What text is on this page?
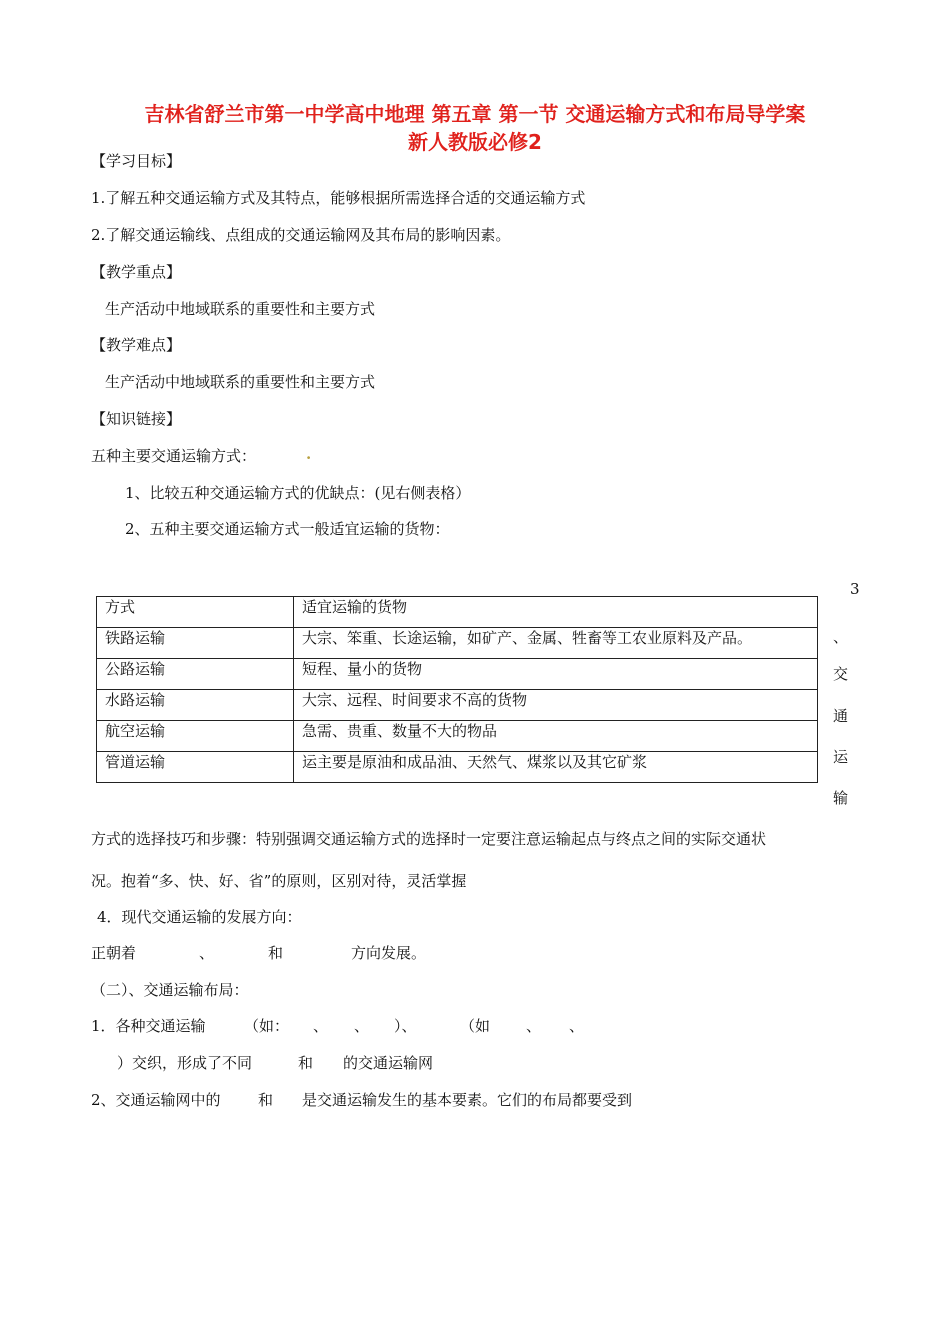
吉林省舒兰市第一中学高中地理 第五章 第一节 交通运输方式和布局导学案
新人教版必修2
【学习目标】
1.了解五种交通运输方式及其特点，能够根据所需选择合适的交通运输方式
2.了解交通运输线、点组成的交通运输网及其布局的影响因素。
【教学重点】
生产活动中地域联系的重要性和主要方式
【教学难点】
生产活动中地域联系的重要性和主要方式
【知识链接】
五种主要交通运输方式：	.
1、比较五种交通运输方式的优缺点：(见右侧表格）
2、五种主要交通运输方式一般适宜运输的货物：
方式	适宜运输的货物
铁路运输	大宗、笨重、长途运输，如矿产、金属、牲畜等工农业原料及产品。
公路运输	短程、量小的货物
水路运输	大宗、远程、时间要求不高的货物
航空运输	急需、贵重、数量不大的物品
管道运输	运主要是原油和成品油、天然气、煤浆以及其它矿浆
3
、
交
通
运
输
方式的选择技巧和步骤：特别强调交通运输方式的选择时一定要注意运输起点与终点之间的实际交通状
况。抱着“多、快、好、省”的原则，区别对待，灵活掌握
4．现代交通运输的发展方向：
正朝着	、	和	方向发展。
（二）、交通运输布局：
1．各种交通运输	（如： 、 、 ）、	（如 、 、
）交织，形成了不同	和 的交通运输网
2、交通运输网中的 和 是交通运输发生的基本要素。它们的布局都要受到
